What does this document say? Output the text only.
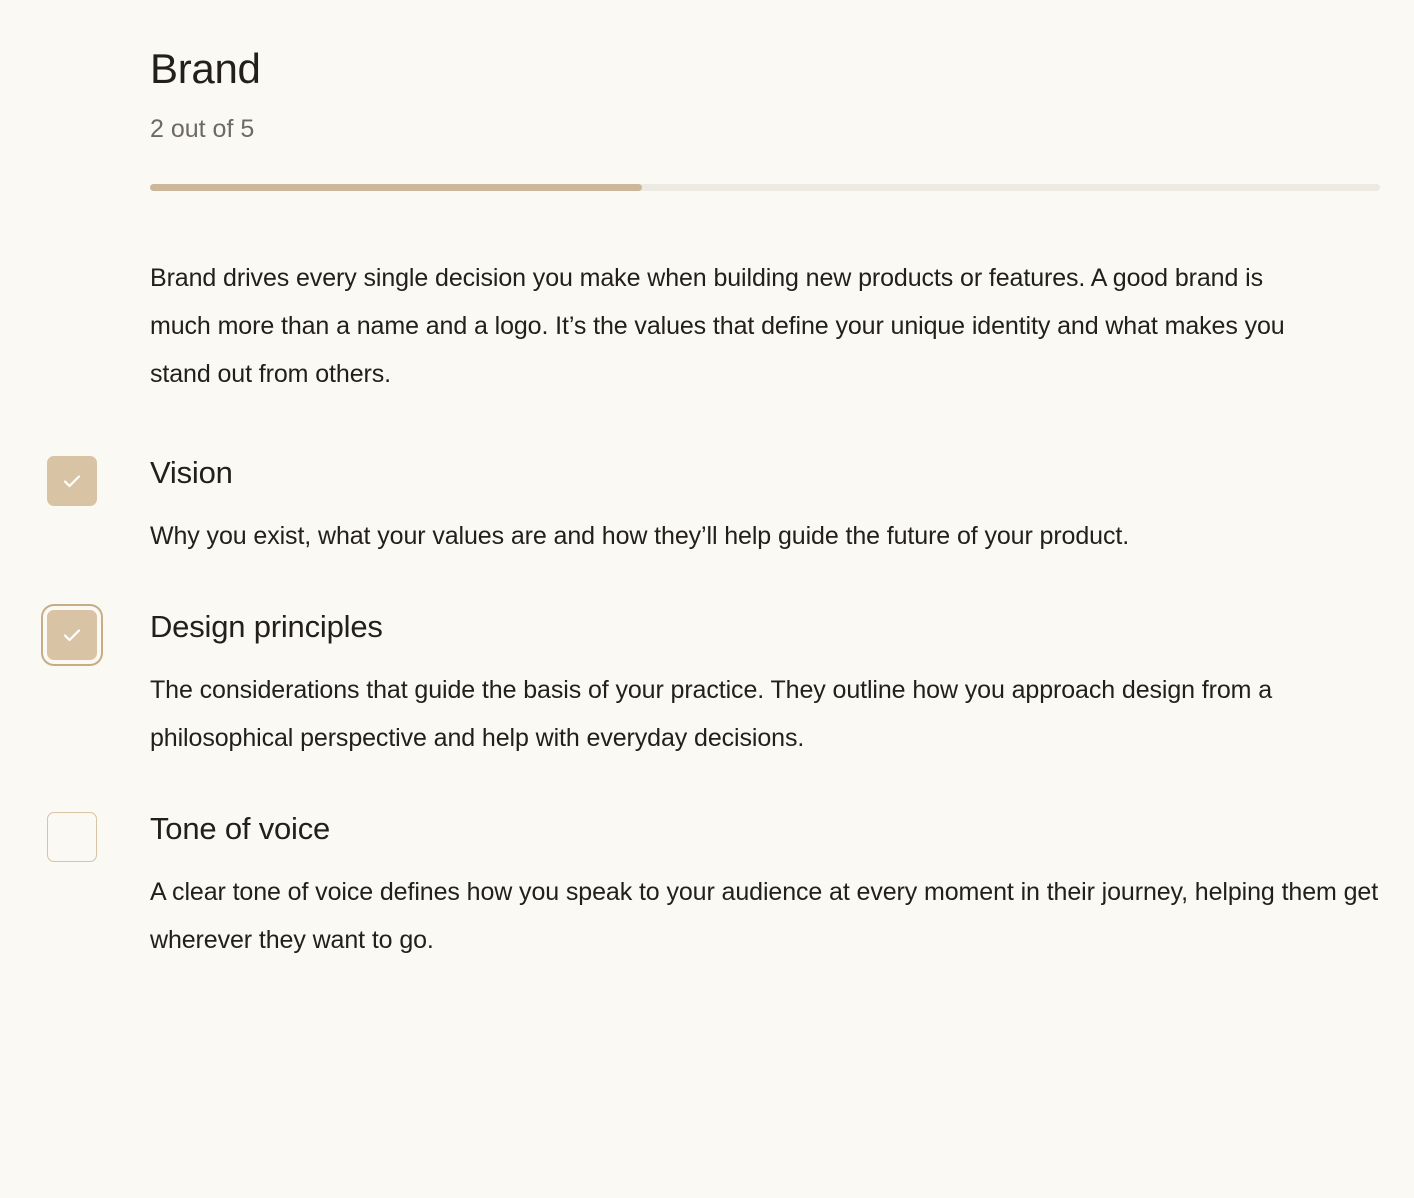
Brand

2 out of 5

Brand drives every single decision you make when building new products or features. A good brand is much more than a name and a logo. It’s the values that define your unique identity and what makes you stand out from others.

Vision

Why you exist, what your values are and how they’ll help guide the future of your product.

Design principles

The considerations that guide the basis of your practice. They outline how you approach design from a philosophical perspective and help with everyday decisions.

Tone of voice

A clear tone of voice defines how you speak to your audience at every moment in their journey, helping them get wherever they want to go.
